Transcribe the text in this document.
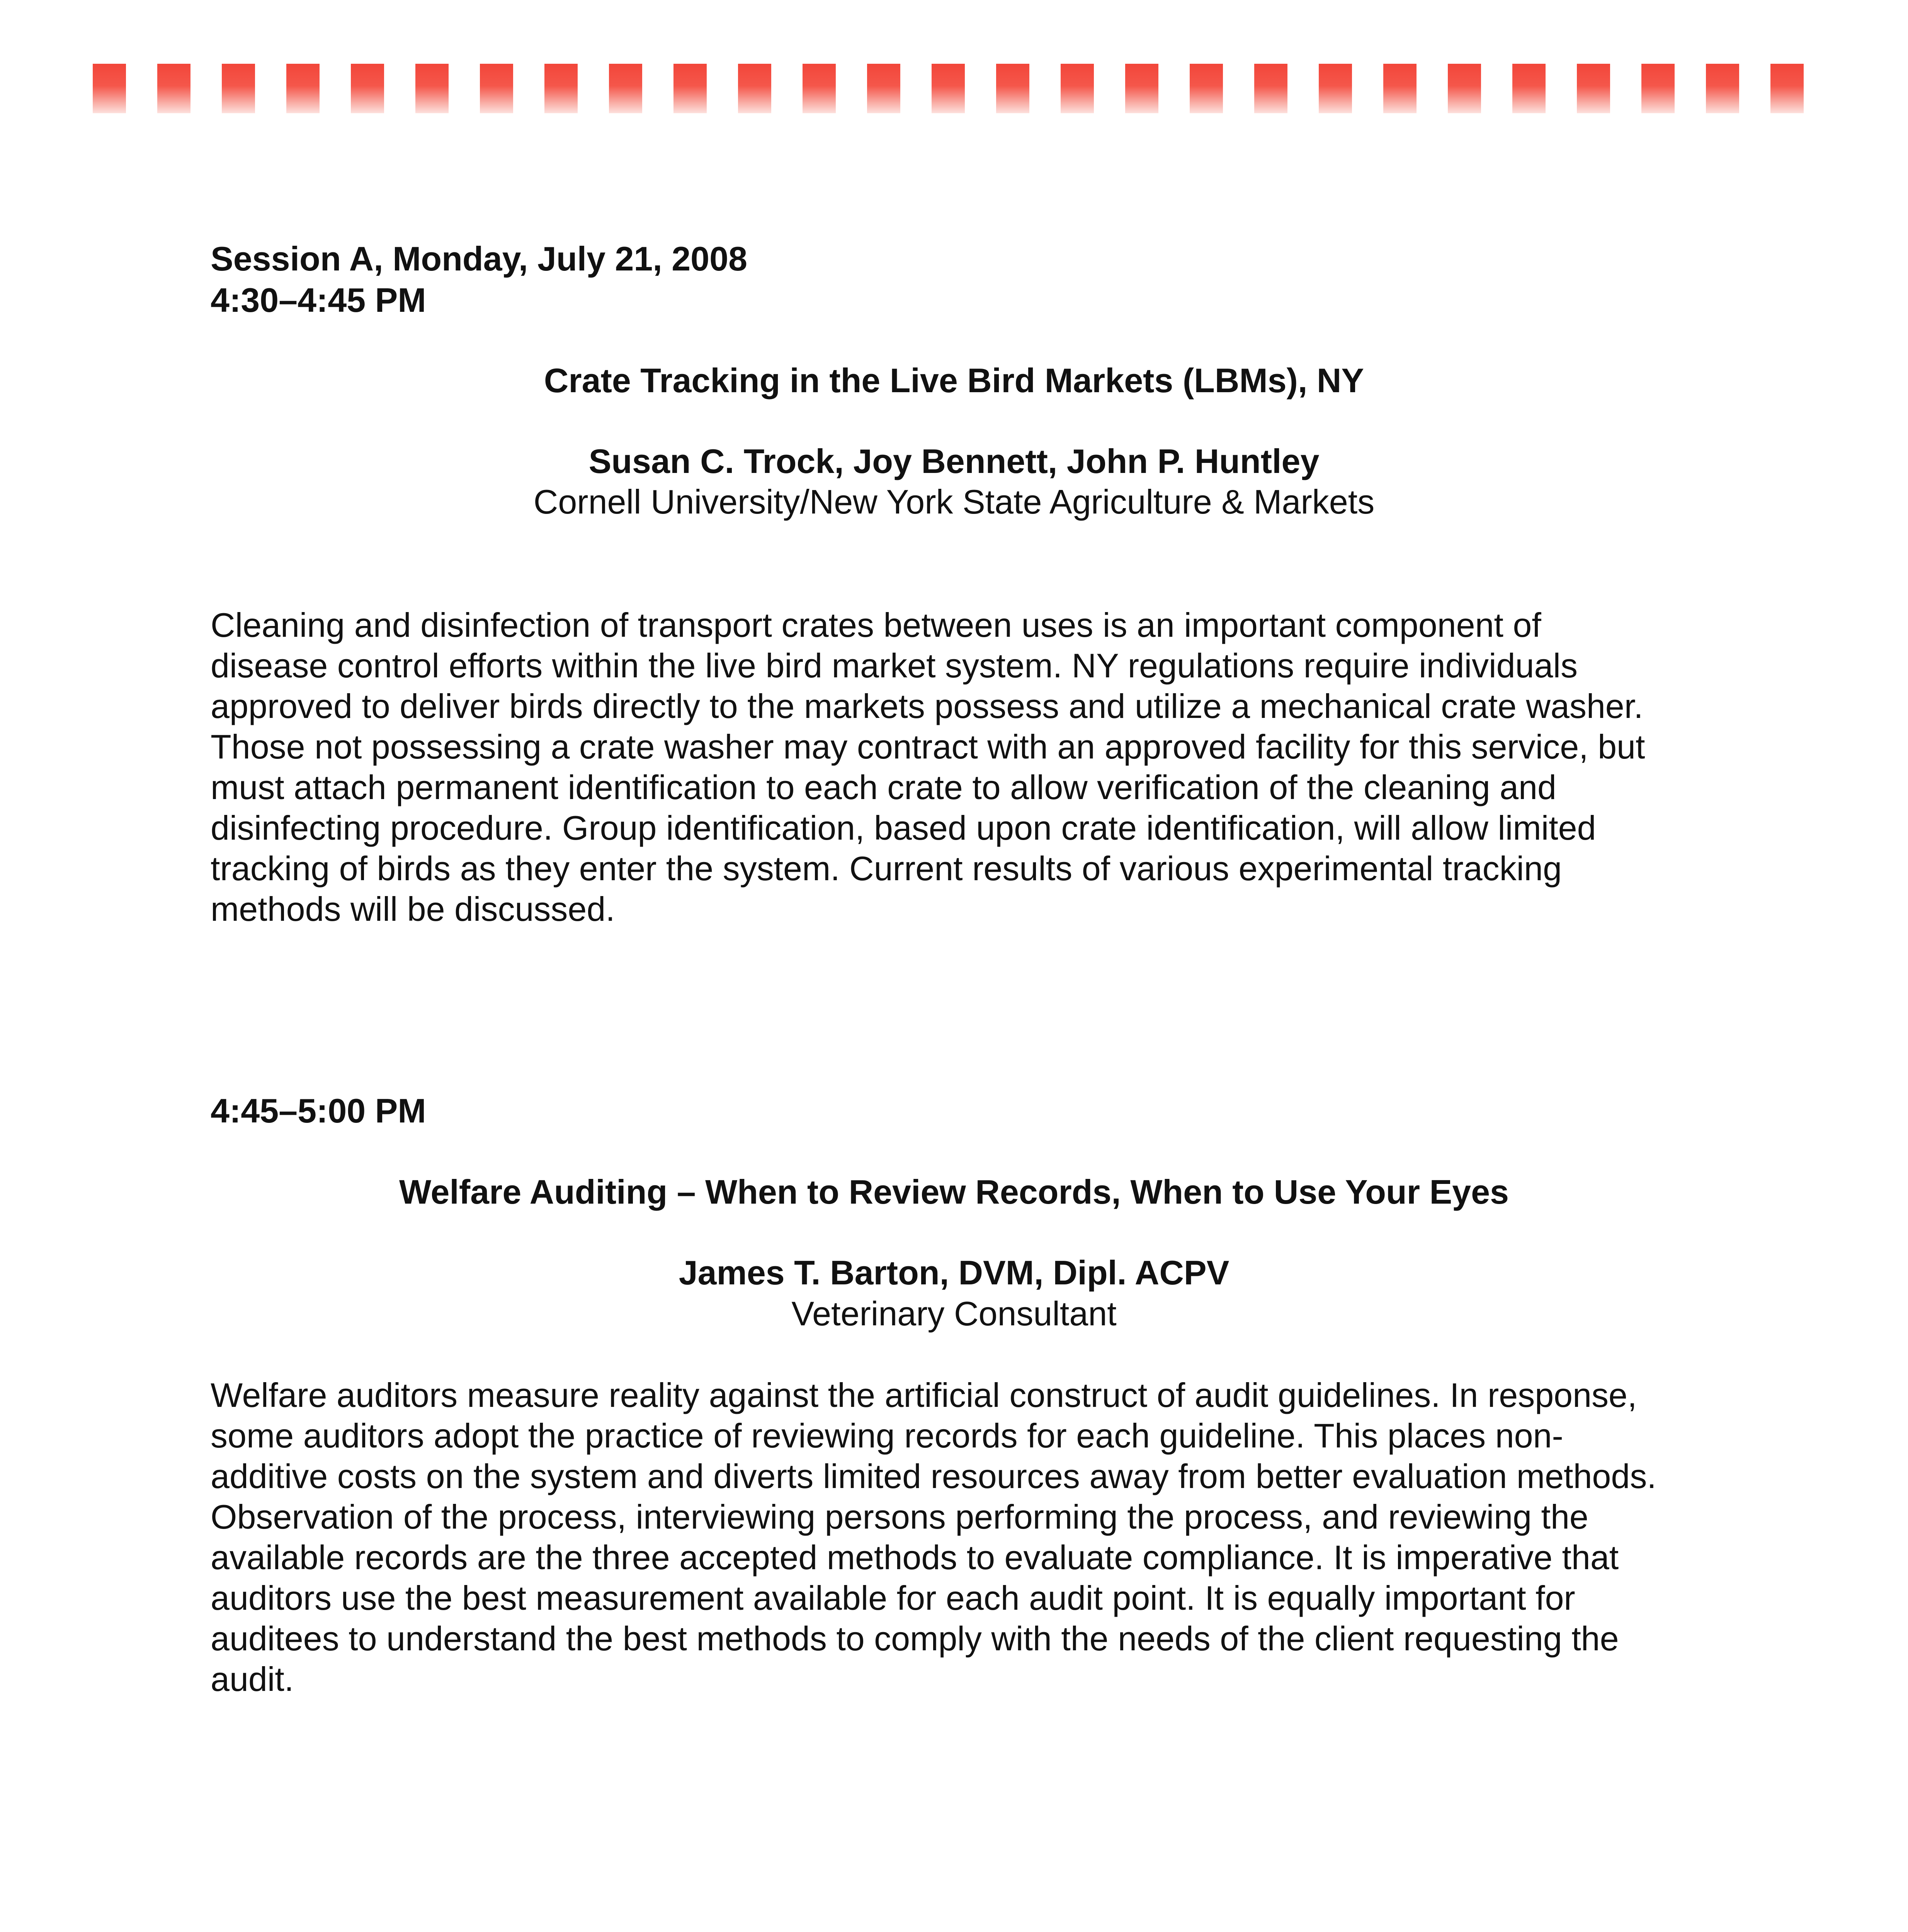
Session A, Monday, July 21, 2008
4:30–4:45 PM
Crate Tracking in the Live Bird Markets (LBMs), NY
Susan C. Trock, Joy Bennett, John P. Huntley
Cornell University/New York State Agriculture & Markets
Cleaning and disinfection of transport crates between uses is an important component of
disease control efforts within the live bird market system. NY regulations require individuals
approved to deliver birds directly to the markets possess and utilize a mechanical crate washer.
Those not possessing a crate washer may contract with an approved facility for this service, but
must attach permanent identification to each crate to allow verification of the cleaning and
disinfecting procedure. Group identification, based upon crate identification, will allow limited
tracking of birds as they enter the system. Current results of various experimental tracking
methods will be discussed.
4:45–5:00 PM
Welfare Auditing – When to Review Records, When to Use Your Eyes
James T. Barton, DVM, Dipl. ACPV
Veterinary Consultant
Welfare auditors measure reality against the artificial construct of audit guidelines. In response,
some auditors adopt the practice of reviewing records for each guideline. This places non-
additive costs on the system and diverts limited resources away from better evaluation methods.
Observation of the process, interviewing persons performing the process, and reviewing the
available records are the three accepted methods to evaluate compliance. It is imperative that
auditors use the best measurement available for each audit point. It is equally important for
auditees to understand the best methods to comply with the needs of the client requesting the
audit.
